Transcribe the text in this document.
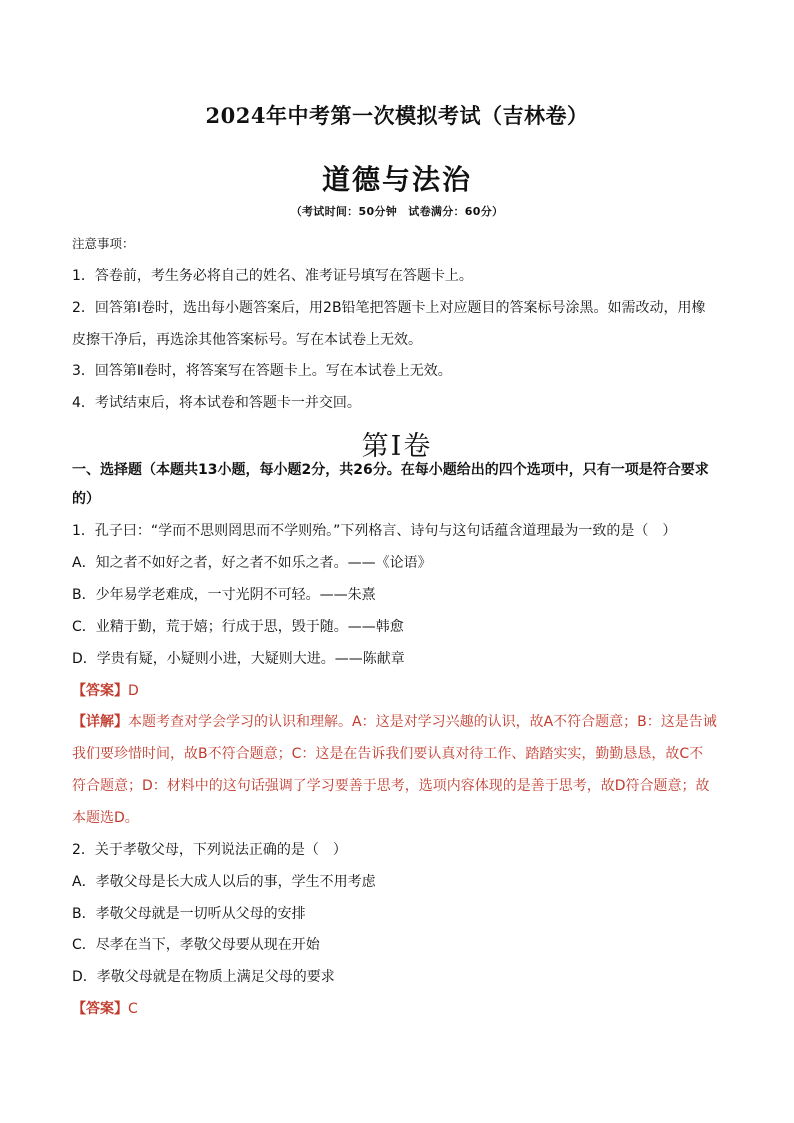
2024年中考第一次模拟考试（吉林卷）
道德与法治
（考试时间：50分钟　试卷满分：60分）
注意事项：
1．答卷前，考生务必将自己的姓名、准考证号填写在答题卡上。
2．回答第Ⅰ卷时，选出每小题答案后，用2B铅笔把答题卡上对应题目的答案标号涂黑。如需改动，用橡
皮擦干净后，再选涂其他答案标号。写在本试卷上无效。
3．回答第Ⅱ卷时，将答案写在答题卡上。写在本试卷上无效。
4．考试结束后，将本试卷和答题卡一并交回。
第Ⅰ卷
一、选择题（本题共13小题，每小题2分，共26分。在每小题给出的四个选项中，只有一项是符合要求
的）
1．孔子曰：“学而不思则罔思而不学则殆。”下列格言、诗句与这句话蕴含道理最为一致的是（　）
A．知之者不如好之者，好之者不如乐之者。——《论语》
B．少年易学老难成，一寸光阴不可轻。——朱熹
C．业精于勤，荒于嬉；行成于思，毁于随。——韩愈
D．学贵有疑，小疑则小进，大疑则大进。——陈献章
【答案】D
【详解】本题考查对学会学习的认识和理解。A：这是对学习兴趣的认识，故A不符合题意；B：这是告诫
我们要珍惜时间，故B不符合题意；C：这是在告诉我们要认真对待工作、踏踏实实，勤勤恳恳，故C不
符合题意；D：材料中的这句话强调了学习要善于思考，选项内容体现的是善于思考，故D符合题意；故
本题选D。
2．关于孝敬父母，下列说法正确的是（　）
A．孝敬父母是长大成人以后的事，学生不用考虑
B．孝敬父母就是一切听从父母的安排
C．尽孝在当下，孝敬父母要从现在开始
D．孝敬父母就是在物质上满足父母的要求
【答案】C
